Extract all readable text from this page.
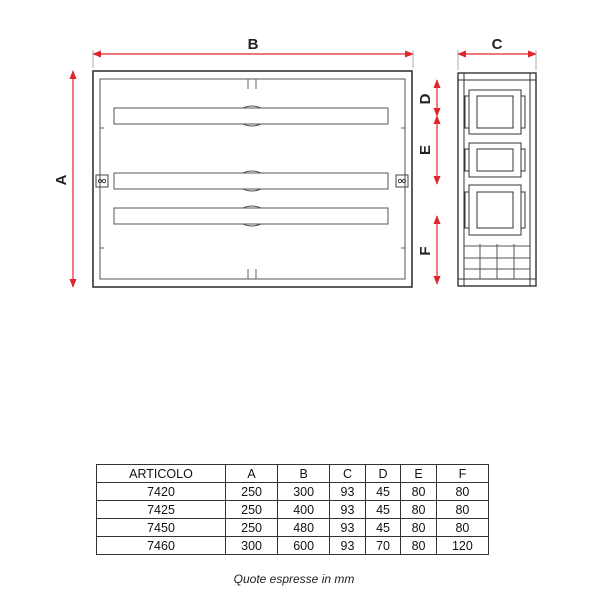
B
A
C
D
E
F
ARTICOLO	A	B	C	D	E	F
7420	250	300	93	45	80	80
7425	250	400	93	45	80	80
7450	250	480	93	45	80	80
7460	300	600	93	70	80	120
Quote espresse in mm
